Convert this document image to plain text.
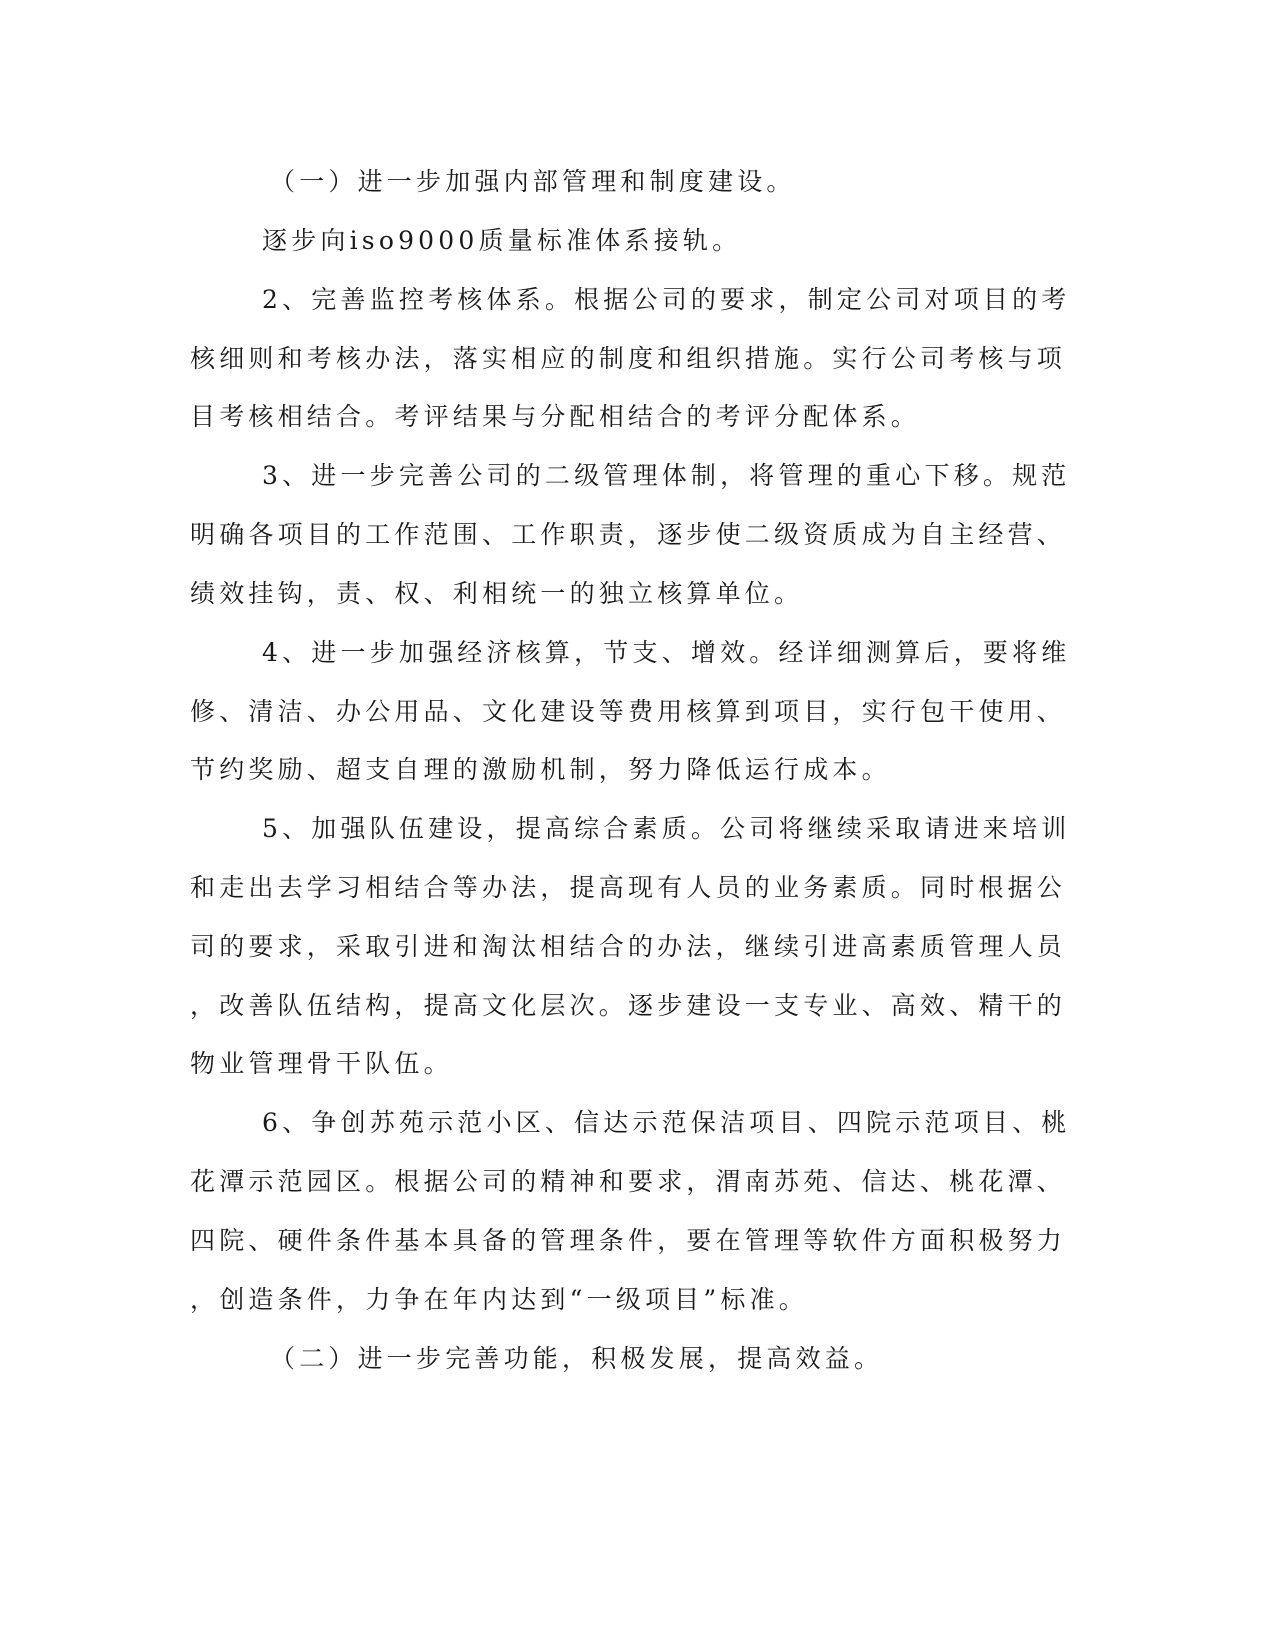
（一）进一步加强内部管理和制度建设。
逐步向iso9000质量标准体系接轨。
2、完善监控考核体系。根据公司的要求，制定公司对项目的考
核细则和考核办法，落实相应的制度和组织措施。实行公司考核与项
目考核相结合。考评结果与分配相结合的考评分配体系。
3、进一步完善公司的二级管理体制，将管理的重心下移。规范
明确各项目的工作范围、工作职责，逐步使二级资质成为自主经营、
绩效挂钩，责、权、利相统一的独立核算单位。
4、进一步加强经济核算，节支、增效。经详细测算后，要将维
修、清洁、办公用品、文化建设等费用核算到项目，实行包干使用、
节约奖励、超支自理的激励机制，努力降低运行成本。
5、加强队伍建设，提高综合素质。公司将继续采取请进来培训
和走出去学习相结合等办法，提高现有人员的业务素质。同时根据公
司的要求，采取引进和淘汰相结合的办法，继续引进高素质管理人员
，改善队伍结构，提高文化层次。逐步建设一支专业、高效、精干的
物业管理骨干队伍。
6、争创苏苑示范小区、信达示范保洁项目、四院示范项目、桃
花潭示范园区。根据公司的精神和要求，渭南苏苑、信达、桃花潭、
四院、硬件条件基本具备的管理条件，要在管理等软件方面积极努力
，创造条件，力争在年内达到“一级项目”标准。
（二）进一步完善功能，积极发展，提高效益。
